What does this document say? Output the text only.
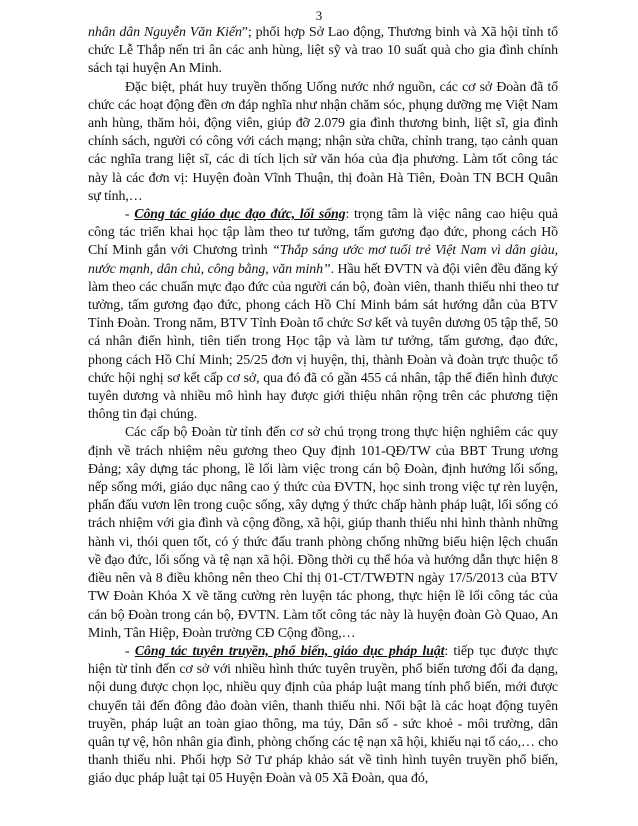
3

nhân dân Nguyễn Văn Kiến”; phối hợp Sở Lao động, Thương binh và Xã hội tỉnh tổ chức Lễ Thắp nến tri ân các anh hùng, liệt sỹ và trao 10 suất quà cho gia đình chính sách tại huyện An Minh.

Đặc biệt, phát huy truyền thống Uống nước nhớ nguồn, các cơ sở Đoàn đã tổ chức các hoạt động đền ơn đáp nghĩa như nhận chăm sóc, phụng dưỡng mẹ Việt Nam anh hùng, thăm hỏi, động viên, giúp đỡ 2.079 gia đình thương binh, liệt sĩ, gia đình chính sách, người có công với cách mạng; nhận sửa chữa, chỉnh trang, tạo cảnh quan các nghĩa trang liệt sĩ, các di tích lịch sử văn hóa của địa phương. Làm tốt công tác này là các đơn vị: Huyện đoàn Vĩnh Thuận, thị đoàn Hà Tiên, Đoàn TN BCH Quân sự tỉnh,…

- Công tác giáo dục đạo đức, lối sống: trọng tâm là việc nâng cao hiệu quả công tác triển khai học tập làm theo tư tưởng, tấm gương đạo đức, phong cách Hồ Chí Minh gắn với Chương trình “Thắp sáng ước mơ tuổi trẻ Việt Nam vì dân giàu, nước mạnh, dân chủ, công bằng, văn minh”. Hầu hết ĐVTN và đội viên đều đăng ký làm theo các chuẩn mực đạo đức của người cán bộ, đoàn viên, thanh thiếu nhi theo tư tưởng, tấm gương đạo đức, phong cách Hồ Chí Minh bám sát hướng dẫn của BTV Tỉnh Đoàn. Trong năm, BTV Tỉnh Đoàn tổ chức Sơ kết và tuyên dương 05 tập thể, 50 cá nhân điển hình, tiên tiến trong Học tập và làm tư tưởng, tấm gương, đạo đức, phong cách Hồ Chí Minh; 25/25 đơn vị huyện, thị, thành Đoàn và đoàn trực thuộc tổ chức hội nghị sơ kết cấp cơ sở, qua đó đã có gần 455 cá nhân, tập thể điển hình được tuyên dương và nhiều mô hình hay được giới thiệu nhân rộng trên các phương tiện thông tin đại chúng.

Các cấp bộ Đoàn từ tỉnh đến cơ sở chú trọng trong thực hiện nghiêm các quy định về trách nhiệm nêu gương theo Quy định 101-QĐ/TW của BBT Trung ương Đảng; xây dựng tác phong, lề lối làm việc trong cán bộ Đoàn, định hướng lối sống, nếp sống mới, giáo dục nâng cao ý thức của ĐVTN, học sinh trong việc tự rèn luyện, phấn đấu vươn lên trong cuộc sống, xây dựng ý thức chấp hành pháp luật, lối sống có trách nhiệm với gia đình và cộng đồng, xã hội, giúp thanh thiếu nhi hình thành những hành vi, thói quen tốt, có ý thức đấu tranh phòng chống những biểu hiện lệch chuẩn về đạo đức, lối sống và tệ nạn xã hội. Đồng thời cụ thể hóa và hướng dẫn thực hiện 8 điều nên và 8 điều không nên theo Chỉ thị 01-CT/TWĐTN ngày 17/5/2013 của BTV TW Đoàn Khóa X về tăng cường rèn luyện tác phong, thực hiện lề lối công tác của cán bộ Đoàn trong cán bộ, ĐVTN. Làm tốt công tác này là huyện đoàn Gò Quao, An Minh, Tân Hiệp, Đoàn trường CĐ Cộng đồng,…

- Công tác tuyên truyền, phổ biến, giáo dục pháp luật: tiếp tục được thực hiện từ tỉnh đến cơ sở với nhiều hình thức tuyên truyền, phổ biến tương đối đa dạng, nội dung được chọn lọc, nhiều quy định của pháp luật mang tính phổ biến, mới được chuyển tải đến đông đảo đoàn viên, thanh thiếu nhi. Nổi bật là các hoạt động tuyên truyền, pháp luật an toàn giao thông, ma túy, Dân số - sức khoẻ - môi trường, dân quân tự vệ, hôn nhân gia đình, phòng chống các tệ nạn xã hội, khiếu nại tố cáo,… cho thanh thiếu nhi. Phối hợp Sở Tư pháp khảo sát về tình hình tuyên truyền phổ biến, giáo dục pháp luật tại 05 Huyện Đoàn và 05 Xã Đoàn, qua đó,
